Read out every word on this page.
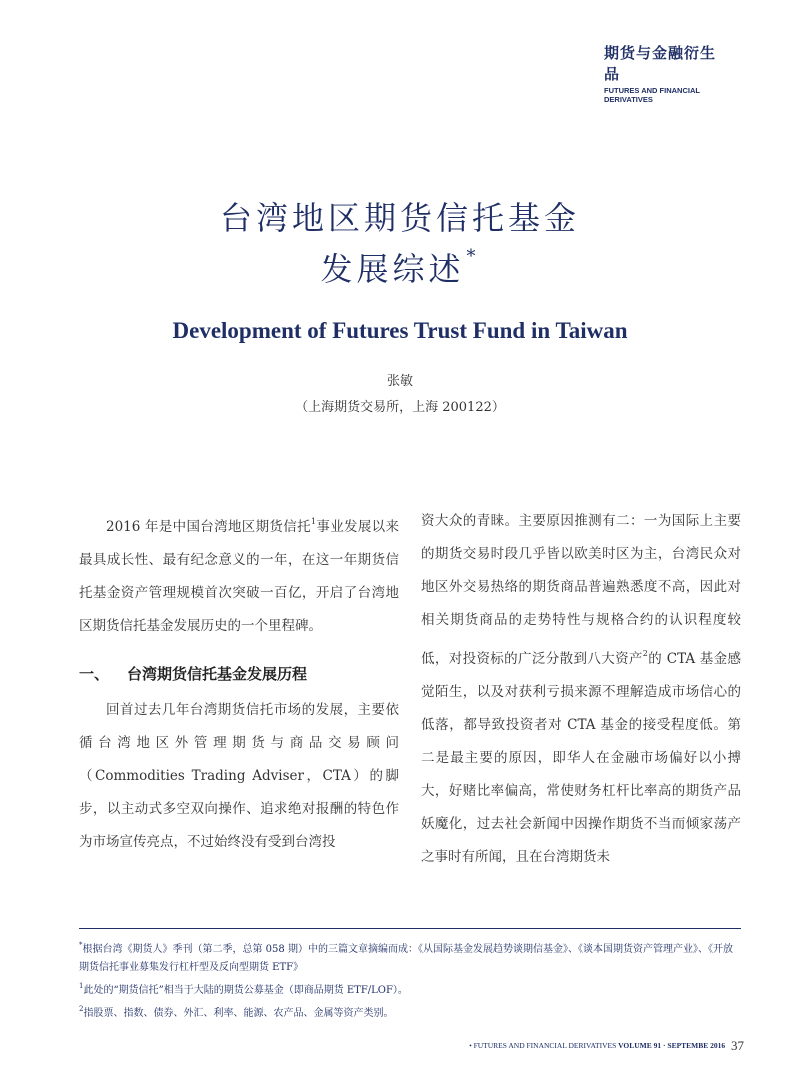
期货与金融衍生品
FUTURES AND FINANCIAL
DERIVATIVES
台湾地区期货信托基金
发展综述 *
Development of Futures Trust Fund in Taiwan
张敏
（上海期货交易所，上海 200122）

2016 年是中国台湾地区期货信托$^1$事业发展以来最具成长性、最有纪念意义的一年，在这一年期货信托基金资产管理规模首次突破一百亿，开启了台湾地区期货信托基金发展历史的一个里程碑。

一、 台湾期货信托基金发展历程

回首过去几年台湾期货信托市场的发展，主要依循台湾地区外管理期货与商品交易顾问（Commodities Trading Adviser，CTA）的脚步，以主动式多空双向操作、追求绝对报酬的特色作为市场宣传亮点，不过始终没有受到台湾投

资大众的青睐。主要原因推测有二：一为国际上主要的期货交易时段几乎皆以欧美时区为主，台湾民众对地区外交易热络的期货商品普遍熟悉度不高，因此对相关期货商品的走势特性与规格合约的认识程度较低，对投资标的广泛分散到八大资产$^2$的 CTA 基金感觉陌生，以及对获利亏损来源不理解造成市场信心的低落，都导致投资者对 CTA 基金的接受程度低。第二是最主要的原因，即华人在金融市场偏好以小搏大，好赌比率偏高，常使财务杠杆比率高的期货产品妖魔化，过去社会新闻中因操作期货不当而倾家荡产之事时有所闻，且在台湾期货未

*根据台湾《期货人》季刊（第二季，总第 058 期）中的三篇文章摘编而成：《从国际基金发展趋势谈期信基金》、《谈本国期货资产管理产业》、《开放期货信托事业募集发行杠杆型及反向型期货 ETF》

$^1$此处的“期货信托”相当于大陆的期货公募基金（即商品期货 ETF/LOF）。

$^2$指股票、指数、债券、外汇、利率、能源、农产品、金属等资产类别。

• FUTURES AND FINANCIAL DERIVATIVES VOLUME 91 · SEPTEMBE 2016 37
